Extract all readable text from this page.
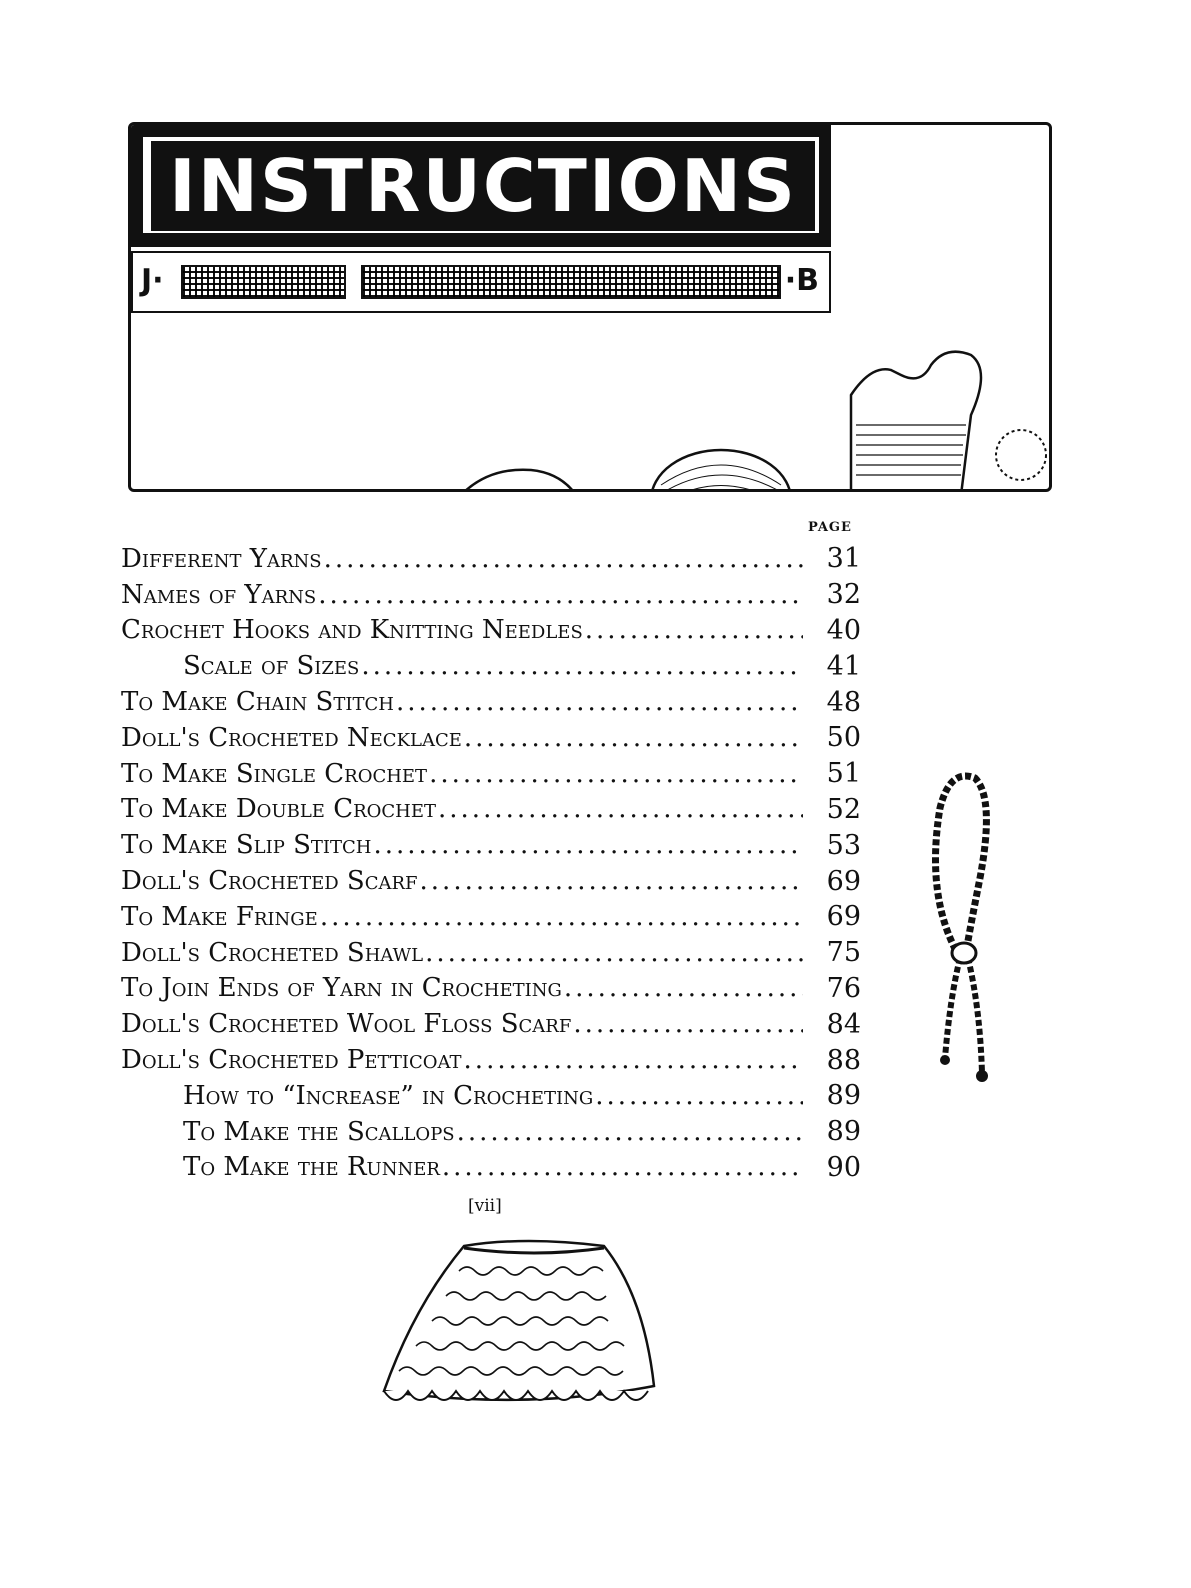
INSTRUCTIONS
J·	·B
PAGE
Different Yarns .....	31
Names of Yarns .....	32
Crochet Hooks and Knitting Needles .....	40
Scale of Sizes .....	41
To Make Chain Stitch .....	48
Doll's Crocheted Necklace .....	50
To Make Single Crochet .....	51
To Make Double Crochet .....	52
To Make Slip Stitch .....	53
Doll's Crocheted Scarf .....	69
To Make Fringe .....	69
Doll's Crocheted Shawl .....	75
To Join Ends of Yarn in Crocheting .....	76
Doll's Crocheted Wool Floss Scarf .....	84
Doll's Crocheted Petticoat .....	88
How to “Increase” in Crocheting .....	89
To Make the Scallops .....	89
To Make the Runner .....	90
[vii]
